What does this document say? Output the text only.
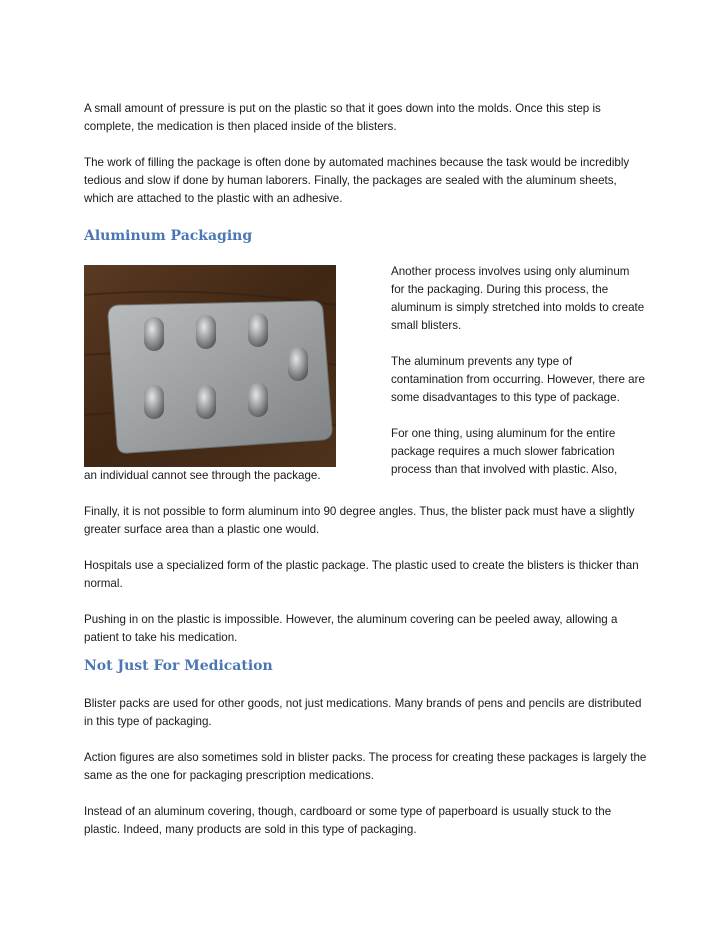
A small amount of pressure is put on the plastic so that it goes down into the molds. Once this step is complete, the medication is then placed inside of the blisters.

The work of filling the package is often done by automated machines because the task would be incredibly tedious and slow if done by human laborers. Finally, the packages are sealed with the aluminum sheets, which are attached to the plastic with an adhesive.

Aluminum Packaging

Another process involves using only aluminum for the packaging. During this process, the aluminum is simply stretched into molds to create small blisters.

The aluminum prevents any type of contamination from occurring. However, there are some disadvantages to this type of package.

For one thing, using aluminum for the entire package requires a much slower fabrication process than that involved with plastic. Also,

an individual cannot see through the package.

Finally, it is not possible to form aluminum into 90 degree angles. Thus, the blister pack must have a slightly greater surface area than a plastic one would.

Hospitals use a specialized form of the plastic package. The plastic used to create the blisters is thicker than normal.

Pushing in on the plastic is impossible. However, the aluminum covering can be peeled away, allowing a patient to take his medication.

Not Just For Medication

Blister packs are used for other goods, not just medications. Many brands of pens and pencils are distributed in this type of packaging.

Action figures are also sometimes sold in blister packs. The process for creating these packages is largely the same as the one for packaging prescription medications.

Instead of an aluminum covering, though, cardboard or some type of paperboard is usually stuck to the plastic. Indeed, many products are sold in this type of packaging.
